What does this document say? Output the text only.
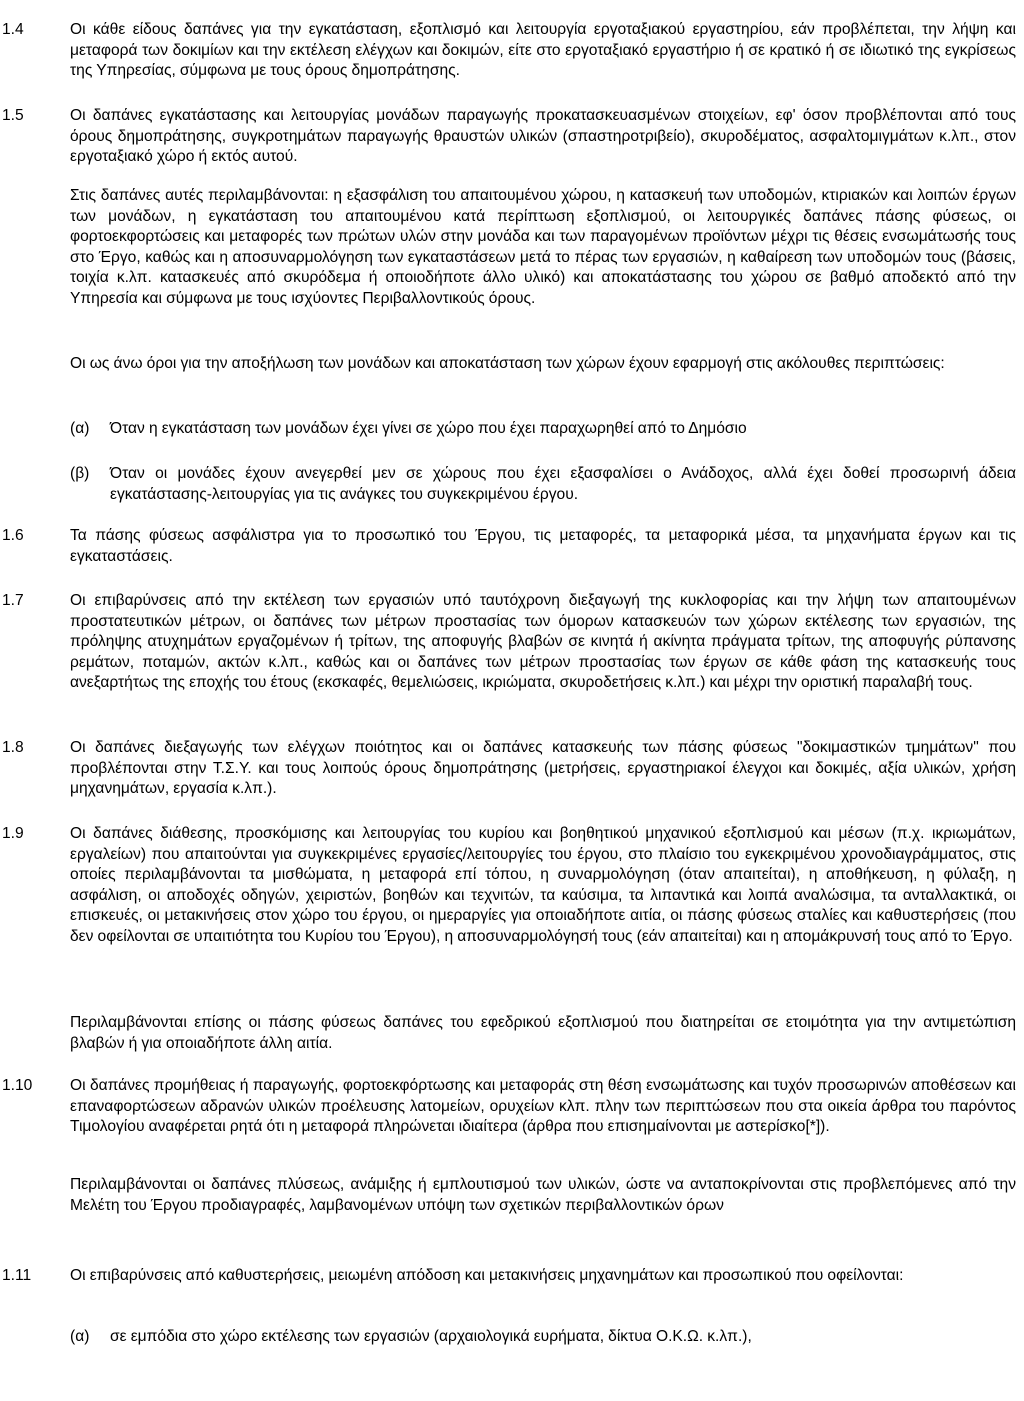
1.4	Οι κάθε είδους δαπάνες για την εγκατάσταση, εξοπλισμό και λειτουργία εργοταξιακού εργαστηρίου, εάν προβλέπεται, την λήψη και μεταφορά των δοκιμίων και την εκτέλεση ελέγχων και δοκιμών, είτε στο εργοταξιακό εργαστήριο ή σε κρατικό ή σε ιδιωτικό της εγκρίσεως της Υπηρεσίας, σύμφωνα με τους όρους δημοπράτησης.
1.5	Οι δαπάνες εγκατάστασης και λειτουργίας μονάδων παραγωγής προκατασκευασμένων στοιχείων, εφ' όσον προβλέπονται από τους όρους δημοπράτησης, συγκροτημάτων παραγωγής θραυστών υλικών (σπαστηροτριβείο), σκυροδέματος, ασφαλτομιγμάτων κ.λπ., στον εργοταξιακό χώρο ή εκτός αυτού.
Στις δαπάνες αυτές περιλαμβάνονται: η εξασφάλιση του απαιτουμένου χώρου, η κατασκευή των υποδομών, κτιριακών και λοιπών έργων των μονάδων, η εγκατάσταση του απαιτουμένου κατά περίπτωση εξοπλισμού, οι λειτουργικές δαπάνες πάσης φύσεως, οι φορτοεκφορτώσεις και μεταφορές των πρώτων υλών στην μονάδα και των παραγομένων προϊόντων μέχρι τις θέσεις ενσωμάτωσής τους στο Έργο, καθώς και η αποσυναρμολόγηση των εγκαταστάσεων μετά το πέρας των εργασιών, η καθαίρεση των υποδομών τους (βάσεις, τοιχία κ.λπ. κατασκευές από σκυρόδεμα ή οποιοδήποτε άλλο υλικό) και αποκατάστασης του χώρου σε βαθμό αποδεκτό από την Υπηρεσία και σύμφωνα με τους ισχύοντες Περιβαλλοντικούς όρους.
Οι ως άνω όροι για την αποξήλωση των μονάδων και αποκατάσταση των χώρων έχουν εφαρμογή στις ακόλουθες περιπτώσεις:
(α)	Όταν η εγκατάσταση των μονάδων έχει γίνει σε χώρο που έχει παραχωρηθεί από το Δημόσιο
(β)	Όταν οι μονάδες έχουν ανεγερθεί μεν σε χώρους που έχει εξασφαλίσει ο Ανάδοχος, αλλά έχει δοθεί προσωρινή άδεια εγκατάστασης-λειτουργίας για τις ανάγκες του συγκεκριμένου έργου.
1.6	Τα πάσης φύσεως ασφάλιστρα για το προσωπικό του Έργου, τις μεταφορές, τα μεταφορικά μέσα, τα μηχανήματα έργων και τις εγκαταστάσεις.
1.7	Οι επιβαρύνσεις από την εκτέλεση των εργασιών υπό ταυτόχρονη διεξαγωγή της κυκλοφορίας και την λήψη των απαιτουμένων προστατευτικών μέτρων, οι δαπάνες των μέτρων προστασίας των όμορων κατασκευών των χώρων εκτέλεσης των εργασιών, της πρόληψης ατυχημάτων εργαζομένων ή τρίτων, της αποφυγής βλαβών σε κινητά ή ακίνητα πράγματα τρίτων, της αποφυγής ρύπανσης ρεμάτων, ποταμών, ακτών κ.λπ., καθώς και οι δαπάνες των μέτρων προστασίας των έργων σε κάθε φάση της κατασκευής τους ανεξαρτήτως της εποχής του έτους (εκσκαφές, θεμελιώσεις, ικριώματα, σκυροδετήσεις κ.λπ.) και μέχρι την οριστική παραλαβή τους.
1.8	Οι δαπάνες διεξαγωγής των ελέγχων ποιότητος και οι δαπάνες κατασκευής των πάσης φύσεως "δοκιμαστικών τμημάτων" που προβλέπονται στην Τ.Σ.Υ. και τους λοιπούς όρους δημοπράτησης (μετρήσεις, εργαστηριακοί έλεγχοι και δοκιμές, αξία υλικών, χρήση μηχανημάτων, εργασία κ.λπ.).
1.9	Οι δαπάνες διάθεσης, προσκόμισης και λειτουργίας του κυρίου και βοηθητικού μηχανικού εξοπλισμού και μέσων (π.χ. ικριωμάτων, εργαλείων) που απαιτούνται για συγκεκριμένες εργασίες/λειτουργίες του έργου, στο πλαίσιο του εγκεκριμένου χρονοδιαγράμματος, στις οποίες περιλαμβάνονται τα μισθώματα, η μεταφορά επί τόπου, η συναρμολόγηση (όταν απαιτείται), η αποθήκευση, η φύλαξη, η ασφάλιση, οι αποδοχές οδηγών, χειριστών, βοηθών και τεχνιτών, τα καύσιμα, τα λιπαντικά και λοιπά αναλώσιμα, τα ανταλλακτικά, οι επισκευές, οι μετακινήσεις στον χώρο του έργου, οι ημεραργίες για οποιαδήποτε αιτία, οι πάσης φύσεως σταλίες και καθυστερήσεις (που δεν οφείλονται σε υπαιτιότητα του Κυρίου του Έργου), η αποσυναρμολόγησή τους (εάν απαιτείται) και η απομάκρυνσή τους από το Έργο.
Περιλαμβάνονται επίσης οι πάσης φύσεως δαπάνες του εφεδρικού εξοπλισμού που διατηρείται σε ετοιμότητα για την αντιμετώπιση βλαβών ή για οποιαδήποτε άλλη αιτία.
1.10	Οι δαπάνες προμήθειας ή παραγωγής, φορτοεκφόρτωσης και μεταφοράς στη θέση ενσωμάτωσης και τυχόν προσωρινών αποθέσεων και επαναφορτώσεων αδρανών υλικών προέλευσης λατομείων, ορυχείων κλπ. πλην των περιπτώσεων που στα οικεία άρθρα του παρόντος Τιμολογίου αναφέρεται ρητά ότι η μεταφορά πληρώνεται ιδιαίτερα (άρθρα που επισημαίνονται με αστερίσκο[*]).
Περιλαμβάνονται οι δαπάνες πλύσεως, ανάμιξης ή εμπλουτισμού των υλικών, ώστε να ανταποκρίνονται στις προβλεπόμενες από την Μελέτη του Έργου προδιαγραφές, λαμβανομένων υπόψη των σχετικών περιβαλλοντικών όρων
1.11	Οι επιβαρύνσεις από καθυστερήσεις, μειωμένη απόδοση και μετακινήσεις μηχανημάτων και προσωπικού που οφείλονται:
(α)	σε εμπόδια στο χώρο εκτέλεσης των εργασιών (αρχαιολογικά ευρήματα, δίκτυα Ο.Κ.Ω. κ.λπ.),
